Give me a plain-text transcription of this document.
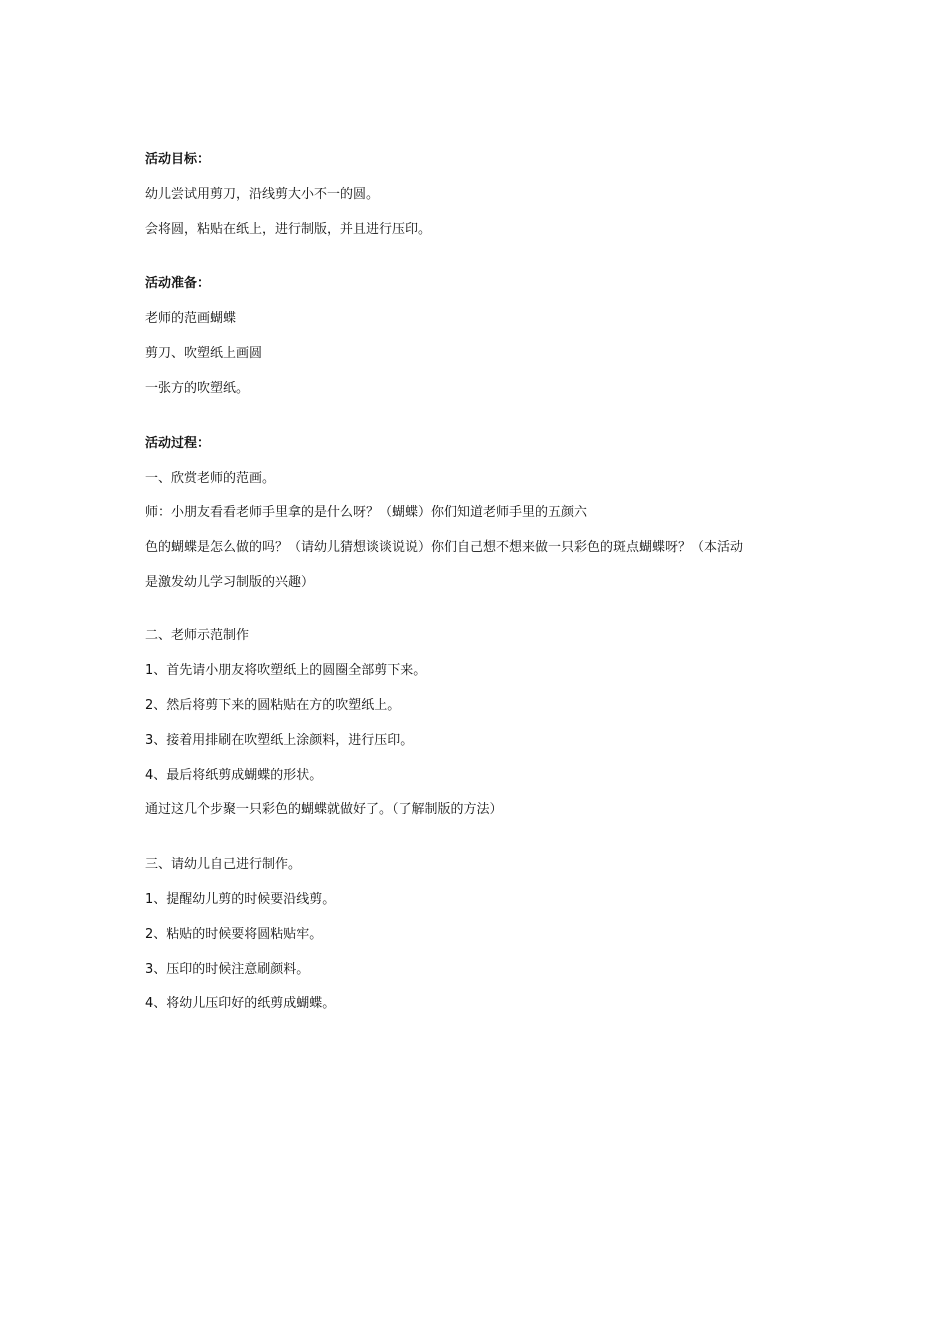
活动目标：
幼儿尝试用剪刀，沿线剪大小不一的圆。
会将圆，粘贴在纸上，进行制版，并且进行压印。
活动准备：
老师的范画蝴蝶
剪刀、吹塑纸上画圆
一张方的吹塑纸。
活动过程：
一、欣赏老师的范画。
师：小朋友看看老师手里拿的是什么呀？（蝴蝶）你们知道老师手里的五颜六
色的蝴蝶是怎么做的吗？（请幼儿猜想谈谈说说）你们自己想不想来做一只彩色的斑点蝴蝶呀？（本活动
是激发幼儿学习制版的兴趣）
二、老师示范制作
1、首先请小朋友将吹塑纸上的圆圈全部剪下来。
2、然后将剪下来的圆粘贴在方的吹塑纸上。
3、接着用排刷在吹塑纸上涂颜料，进行压印。
4、最后将纸剪成蝴蝶的形状。
通过这几个步聚一只彩色的蝴蝶就做好了。（了解制版的方法）
三、请幼儿自己进行制作。
1、提醒幼儿剪的时候要沿线剪。
2、粘贴的时候要将圆粘贴牢。
3、压印的时候注意刷颜料。
4、将幼儿压印好的纸剪成蝴蝶。
